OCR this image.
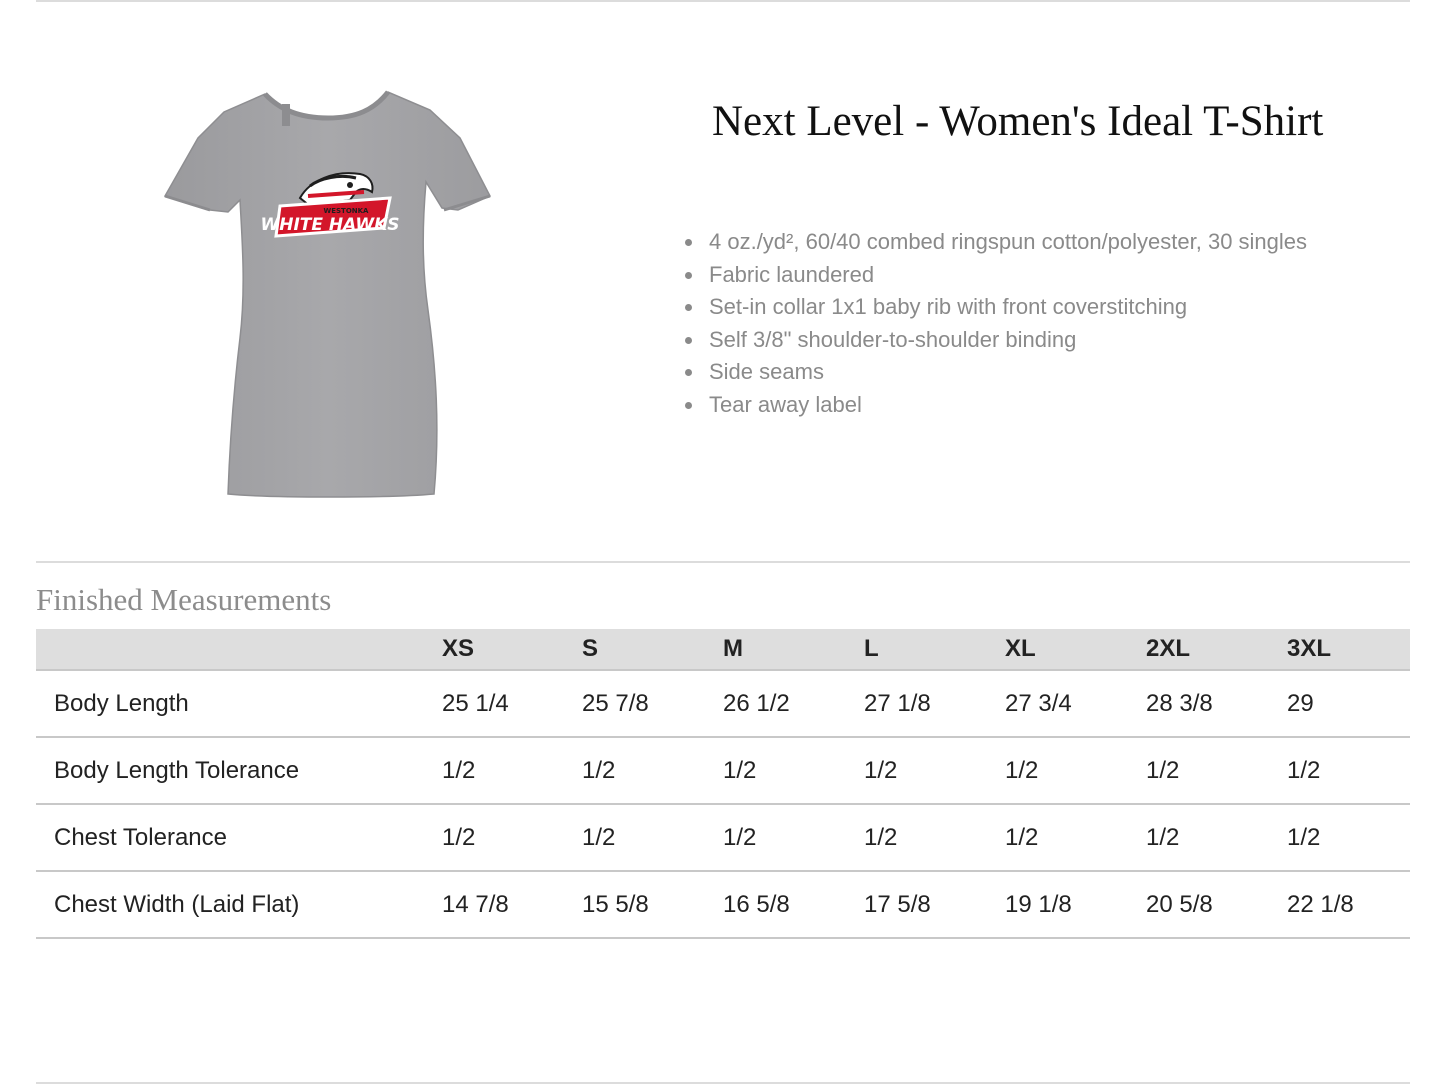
WESTONKA
WHITE HAWKS
Next Level - Women's Ideal T-Shirt
4 oz./yd², 60/40 combed ringspun cotton/polyester, 30 singles
Fabric laundered
Set-in collar 1x1 baby rib with front coverstitching
Self 3/8" shoulder-to-shoulder binding
Side seams
Tear away label
Finished Measurements
	XS	S	M	L	XL	2XL	3XL
Body Length	25 1/4	25 7/8	26 1/2	27 1/8	27 3/4	28 3/8	29
Body Length Tolerance	1/2	1/2	1/2	1/2	1/2	1/2	1/2
Chest Tolerance	1/2	1/2	1/2	1/2	1/2	1/2	1/2
Chest Width (Laid Flat)	14 7/8	15 5/8	16 5/8	17 5/8	19 1/8	20 5/8	22 1/8
